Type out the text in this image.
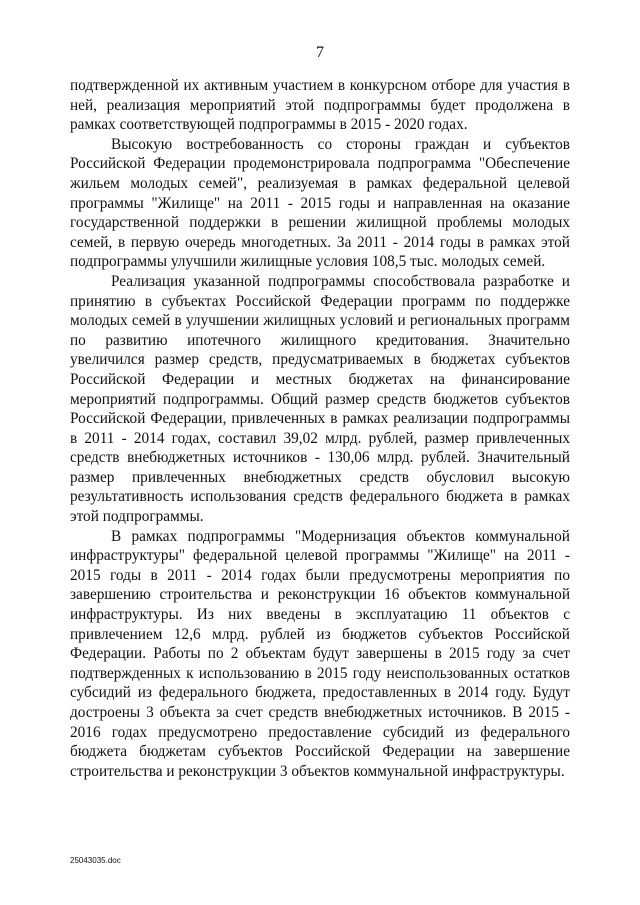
7

подтвержденной их активным участием в конкурсном отборе для участия в ней, реализация мероприятий этой подпрограммы будет продолжена в рамках соответствующей подпрограммы в 2015 - 2020 годах.

Высокую востребованность со стороны граждан и субъектов Российской Федерации продемонстрировала подпрограмма "Обеспечение жильем молодых семей", реализуемая в рамках федеральной целевой программы "Жилище" на 2011 - 2015 годы и направленная на оказание государственной поддержки в решении жилищной проблемы молодых семей, в первую очередь многодетных. За 2011 - 2014 годы в рамках этой подпрограммы улучшили жилищные условия 108,5 тыс. молодых семей.

Реализация указанной подпрограммы способствовала разработке и принятию в субъектах Российской Федерации программ по поддержке молодых семей в улучшении жилищных условий и региональных программ по развитию ипотечного жилищного кредитования. Значительно увеличился размер средств, предусматриваемых в бюджетах субъектов Российской Федерации и местных бюджетах на финансирование мероприятий подпрограммы. Общий размер средств бюджетов субъектов Российской Федерации, привлеченных в рамках реализации подпрограммы в 2011 - 2014 годах, составил 39,02 млрд. рублей, размер привлеченных средств внебюджетных источников - 130,06 млрд. рублей. Значительный размер привлеченных внебюджетных средств обусловил высокую результативность использования средств федерального бюджета в рамках этой подпрограммы.

В рамках подпрограммы "Модернизация объектов коммунальной инфраструктуры" федеральной целевой программы "Жилище" на 2011 - 2015 годы в 2011 - 2014 годах были предусмотрены мероприятия по завершению строительства и реконструкции 16 объектов коммунальной инфраструктуры. Из них введены в эксплуатацию 11 объектов с привлечением 12,6 млрд. рублей из бюджетов субъектов Российской Федерации. Работы по 2 объектам будут завершены в 2015 году за счет подтвержденных к использованию в 2015 году неиспользованных остатков субсидий из федерального бюджета, предоставленных в 2014 году. Будут достроены 3 объекта за счет средств внебюджетных источников. В 2015 - 2016 годах предусмотрено предоставление субсидий из федерального бюджета бюджетам субъектов Российской Федерации на завершение строительства и реконструкции 3 объектов коммунальной инфраструктуры.

25043035.doc
